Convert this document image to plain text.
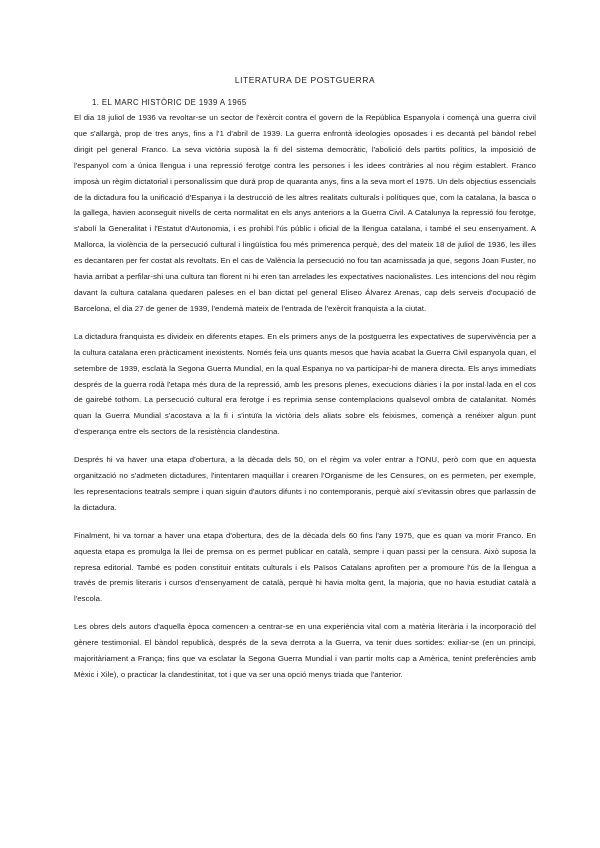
LITERATURA DE POSTGUERRA
1. EL MARC HISTÒRIC DE 1939 A 1965

El dia 18 juliol de 1936 va revoltar-se un sector de l'exèrcit contra el govern de la República Espanyola i començà una guerra civil que s'allargà, prop de tres anys, fins a l'1 d'abril de 1939. La guerra enfrontà ideologies oposades i es decantà pel bàndol rebel dirigit pel general Franco. La seva victòria suposà la fi del sistema democràtic, l'abolició dels partits polítics, la imposició de l'espanyol com a única llengua i una repressió ferotge contra les persones i les idees contràries al nou règim establert. Franco imposà un règim dictatorial i personalíssim que durà prop de quaranta anys, fins a la seva mort el 1975. Un dels objectius essencials de la dictadura fou la unificació d'Espanya i la destrucció de les altres realitats culturals i polítiques que, com la catalana, la basca o la gallega, havien aconseguit nivells de certa normalitat en els anys anteriors a la Guerra Civil. A Catalunya la repressió fou ferotge, s'abolí la Generalitat i l'Estatut d'Autonomia, i es prohibí l'ús públic i oficial de la llengua catalana, i també el seu ensenyament. A Mallorca, la violència de la persecució cultural i lingüística fou més primerenca perquè, des del mateix 18 de juliol de 1936, les illes es decantaren per fer costat als revoltats. En el cas de València la persecució no fou tan acarnissada ja que, segons Joan Fuster, no havia arribat a perfilar-shi una cultura tan florent ni hi eren tan arrelades les expectatives nacionalistes. Les intencions del nou règim davant la cultura catalana quedaren paleses en el ban dictat pel general Eliseo Álvarez Arenas, cap dels serveis d'ocupació de Barcelona, el dia 27 de gener de 1939, l'endemà mateix de l'entrada de l'exèrcit franquista a la ciutat.

La dictadura franquista es divideix en diferents etapes. En els primers anys de la postguerra les expectatives de supervivència per a la cultura catalana eren pràcticament inexistents. Només feia uns quants mesos que havia acabat la Guerra Civil espanyola quan, el setembre de 1939, esclatà la Segona Guerra Mundial, en la qual Espanya no va participar-hi de manera directa. Els anys immediats després de la guerra rodà l'etapa més dura de la repressió, amb les presons plenes, execucions diàries i la por instal·lada en el cos de gairebé tothom. La persecució cultural era ferotge i es reprimia sense contemplacions qualsevol ombra de catalanitat. Només quan la Guerra Mundial s'acostava a la fi i s'intuïa la victòria dels aliats sobre els feixismes, començà a renéixer algun punt d'esperança entre els sectors de la resistència clandestina.

Després hi va haver una etapa d'obertura, a la dècada dels 50, on el règim va voler entrar a l'ONU, però com que en aquesta organització no s'admeten dictadures, l'intentaren maquillar i crearen l'Organisme de les Censures, on es permeten, per exemple, les representacions teatrals sempre i quan siguin d'autors difunts i no contemporanis, perquè així s'evitassin obres que parlassin de la dictadura.

Finalment, hi va tornar a haver una etapa d'obertura, des de la dècada dels 60 fins l'any 1975, que es quan va morir Franco. En aquesta etapa es promulga la llei de premsa on es permet publicar en català, sempre i quan passi per la censura. Això suposa la represa editorial. També es poden constituir entitats culturals i els Països Catalans aprofiten per a promoure l'ús de la llengua a través de premis literaris i cursos d'ensenyament de català, perquè hi havia molta gent, la majoria, que no havia estudiat català a l'escola.

Les obres dels autors d'aquella època comencen a centrar-se en una experiència vital com a matèria literària i la incorporació del gènere testimonial. El bàndol republicà, després de la seva derrota a la Guerra, va tenir dues sortides: exiliar-se (en un principi, majoritàriament a França; fins que va esclatar la Segona Guerra Mundial i van partir molts cap a Amèrica, tenint preferències amb Mèxic i Xile), o practicar la clandestinitat, tot i que va ser una opció menys triada que l'anterior.
